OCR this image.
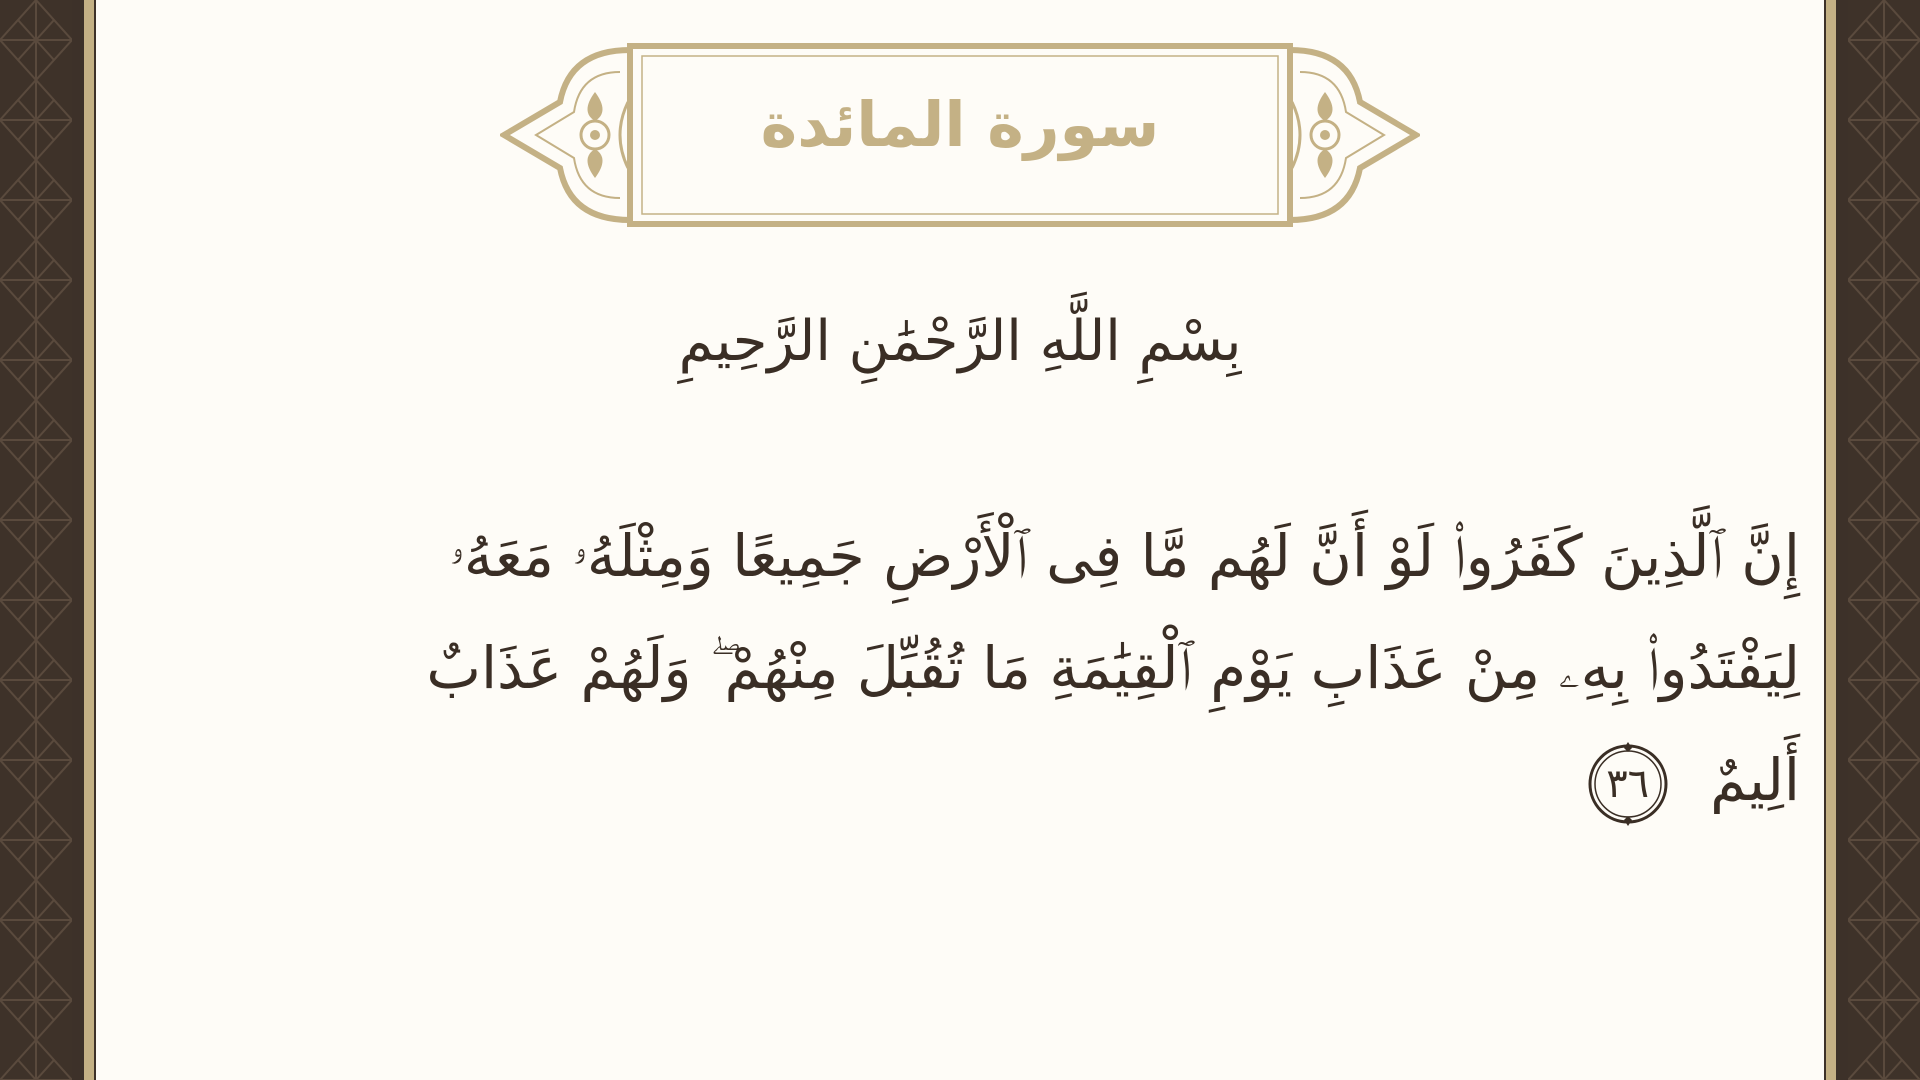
سورة المائدة
بِسْمِ اللَّهِ الرَّحْمَٰنِ الرَّحِيمِ
إِنَّ ٱلَّذِينَ كَفَرُوا۟ لَوْ أَنَّ لَهُم مَّا فِى ٱلْأَرْضِ جَمِيعًا وَمِثْلَهُۥ مَعَهُۥ لِيَفْتَدُوا۟ بِهِۦ مِنْ عَذَابِ يَوْمِ ٱلْقِيَٰمَةِ مَا تُقُبِّلَ مِنْهُمْ ۖ وَلَهُمْ عَذَابٌ أَلِيمٌ
٣٦
